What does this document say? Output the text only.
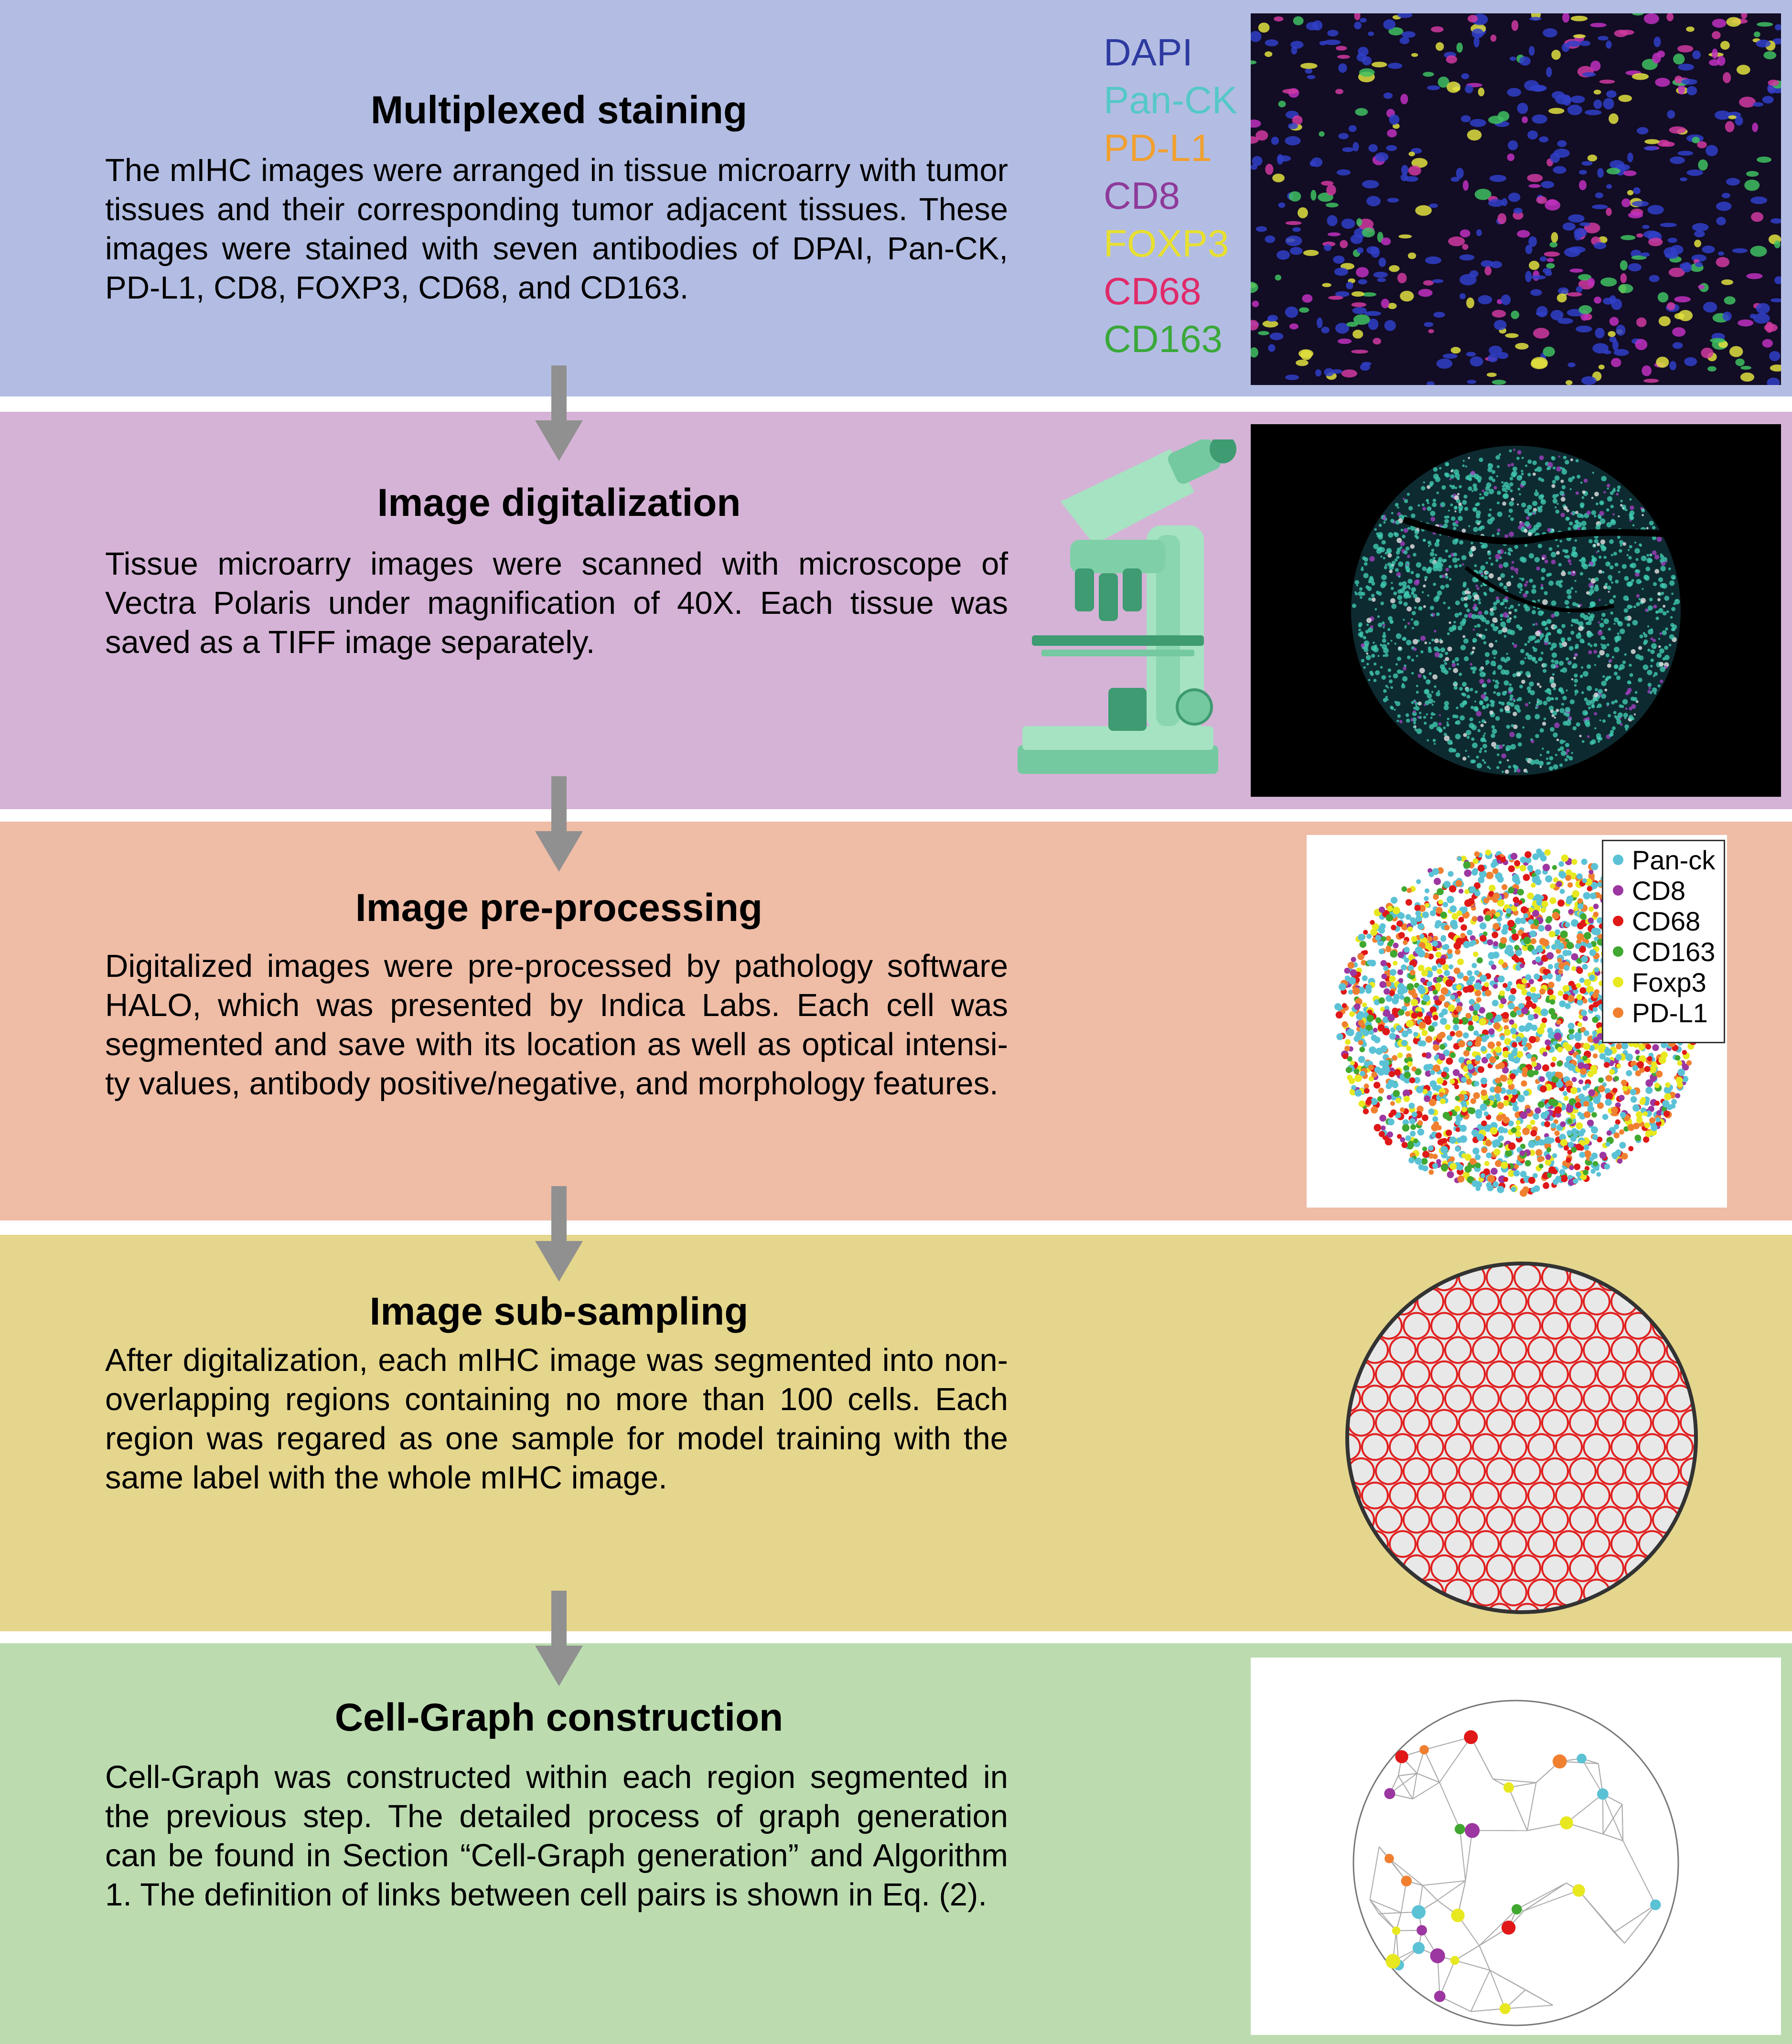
Multiplexed staining
The mIHC images were arranged in tissue microarry with tumor tissues and their corresponding tumor adjacent tissues. These images were stained with seven antibodies of DPAI, Pan-CK, PD-L1, CD8, FOXP3, CD68, and CD163.
Image digitalization
Tissue microarry images were scanned with microscope of Vectra Polaris under magnification of 40X. Each tissue was saved as a TIFF image separately.
Image pre-processing
Digitalized images were pre-processed by pathology software HALO, which was presented by Indica Labs. Each cell was segmented and save with its location as well as optical intensi- ty values, antibody positive/negative, and morphology features.
Image sub-sampling
After digitalization, each mIHC image was segmented into non-overlapping regions containing no more than 100 cells. Each region was regared as one sample for model training with the same label with the whole mIHC image.
Cell-Graph construction
Cell-Graph was constructed within each region segmented in the previous step. The detailed process of graph generation can be found in Section “Cell-Graph generation” and Algorithm 1. The definition of links between cell pairs is shown in Eq. (2).
DAPI
Pan-CK
PD-L1
CD8
FOXP3
CD68
CD163
Pan-ck
CD8
CD68
CD163
Foxp3
PD-L1
